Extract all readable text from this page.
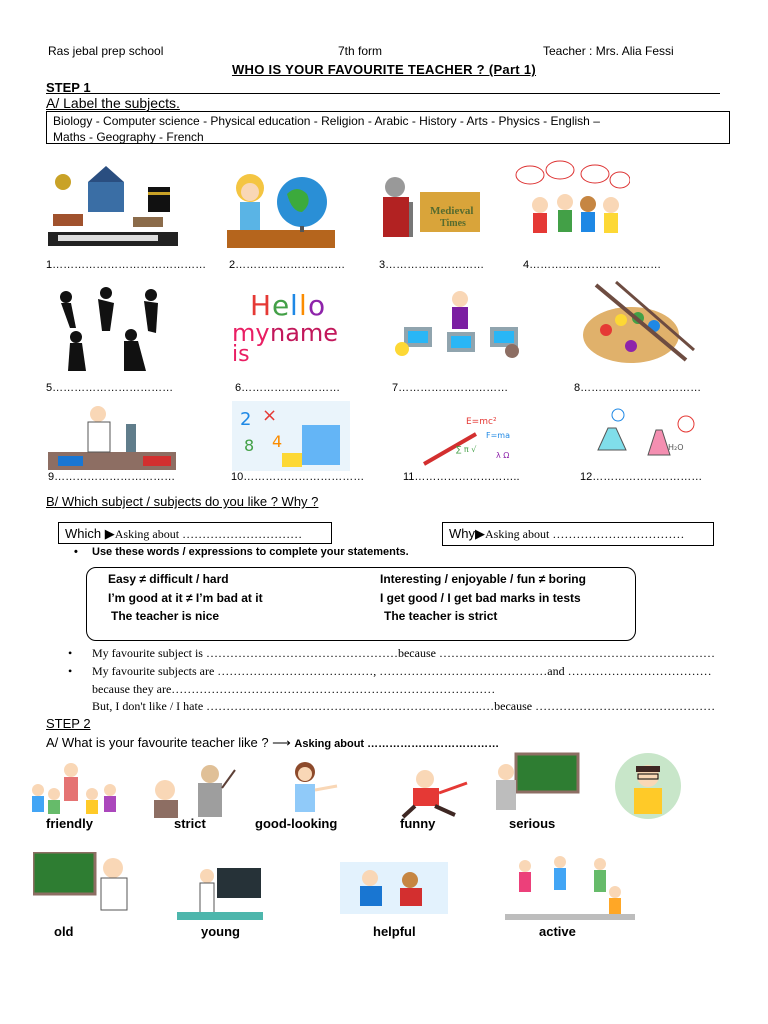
Ras jebal prep school	7th form	Teacher : Mrs. Alia Fessi
WHO IS YOUR FAVOURITE TEACHER ? (Part 1)
STEP 1
A/ Label the subjects.
Biology - Computer science - Physical education - Religion - Arabic - History - Arts - Physics - English –
Maths - Geography - French
Medieval
Times
1…………………………………… 2…………………………	3………………………	4………………………………
H e l l o
my name
is
5……………………………	6………………………	7…………………………	8……………………………
2 ×
8 4
E=mc²
F=ma
∑ π √
λ Ω
H₂O
9……………………………	10……………………………	11………………………..	12…………………………
B/ Which subject / subjects do you like ? Why ?
Which ▶Asking about …………………………	Why▶Asking about ……………………………
• Use these words / expressions to complete your statements.
Easy ≠ difficult / hard
I’m good at it ≠ I’m bad at it
The teacher is nice
Interesting / enjoyable / fun ≠ boring
I get good / I get bad marks in tests
The teacher is strict
• My favourite subject is …………………………………………because ……………………………………………………………
• My favourite subjects are …………………………………, ……………………………………and ………………………………
because they are………………………………………………………………………
But, I don't like / I hate ………………………………………………………………because ………………………………………
STEP 2
A/ What is your favourite teacher like ? ⟶ Asking about ………………………………
friendly	strict	good-looking	funny	serious
old	young	helpful	active
